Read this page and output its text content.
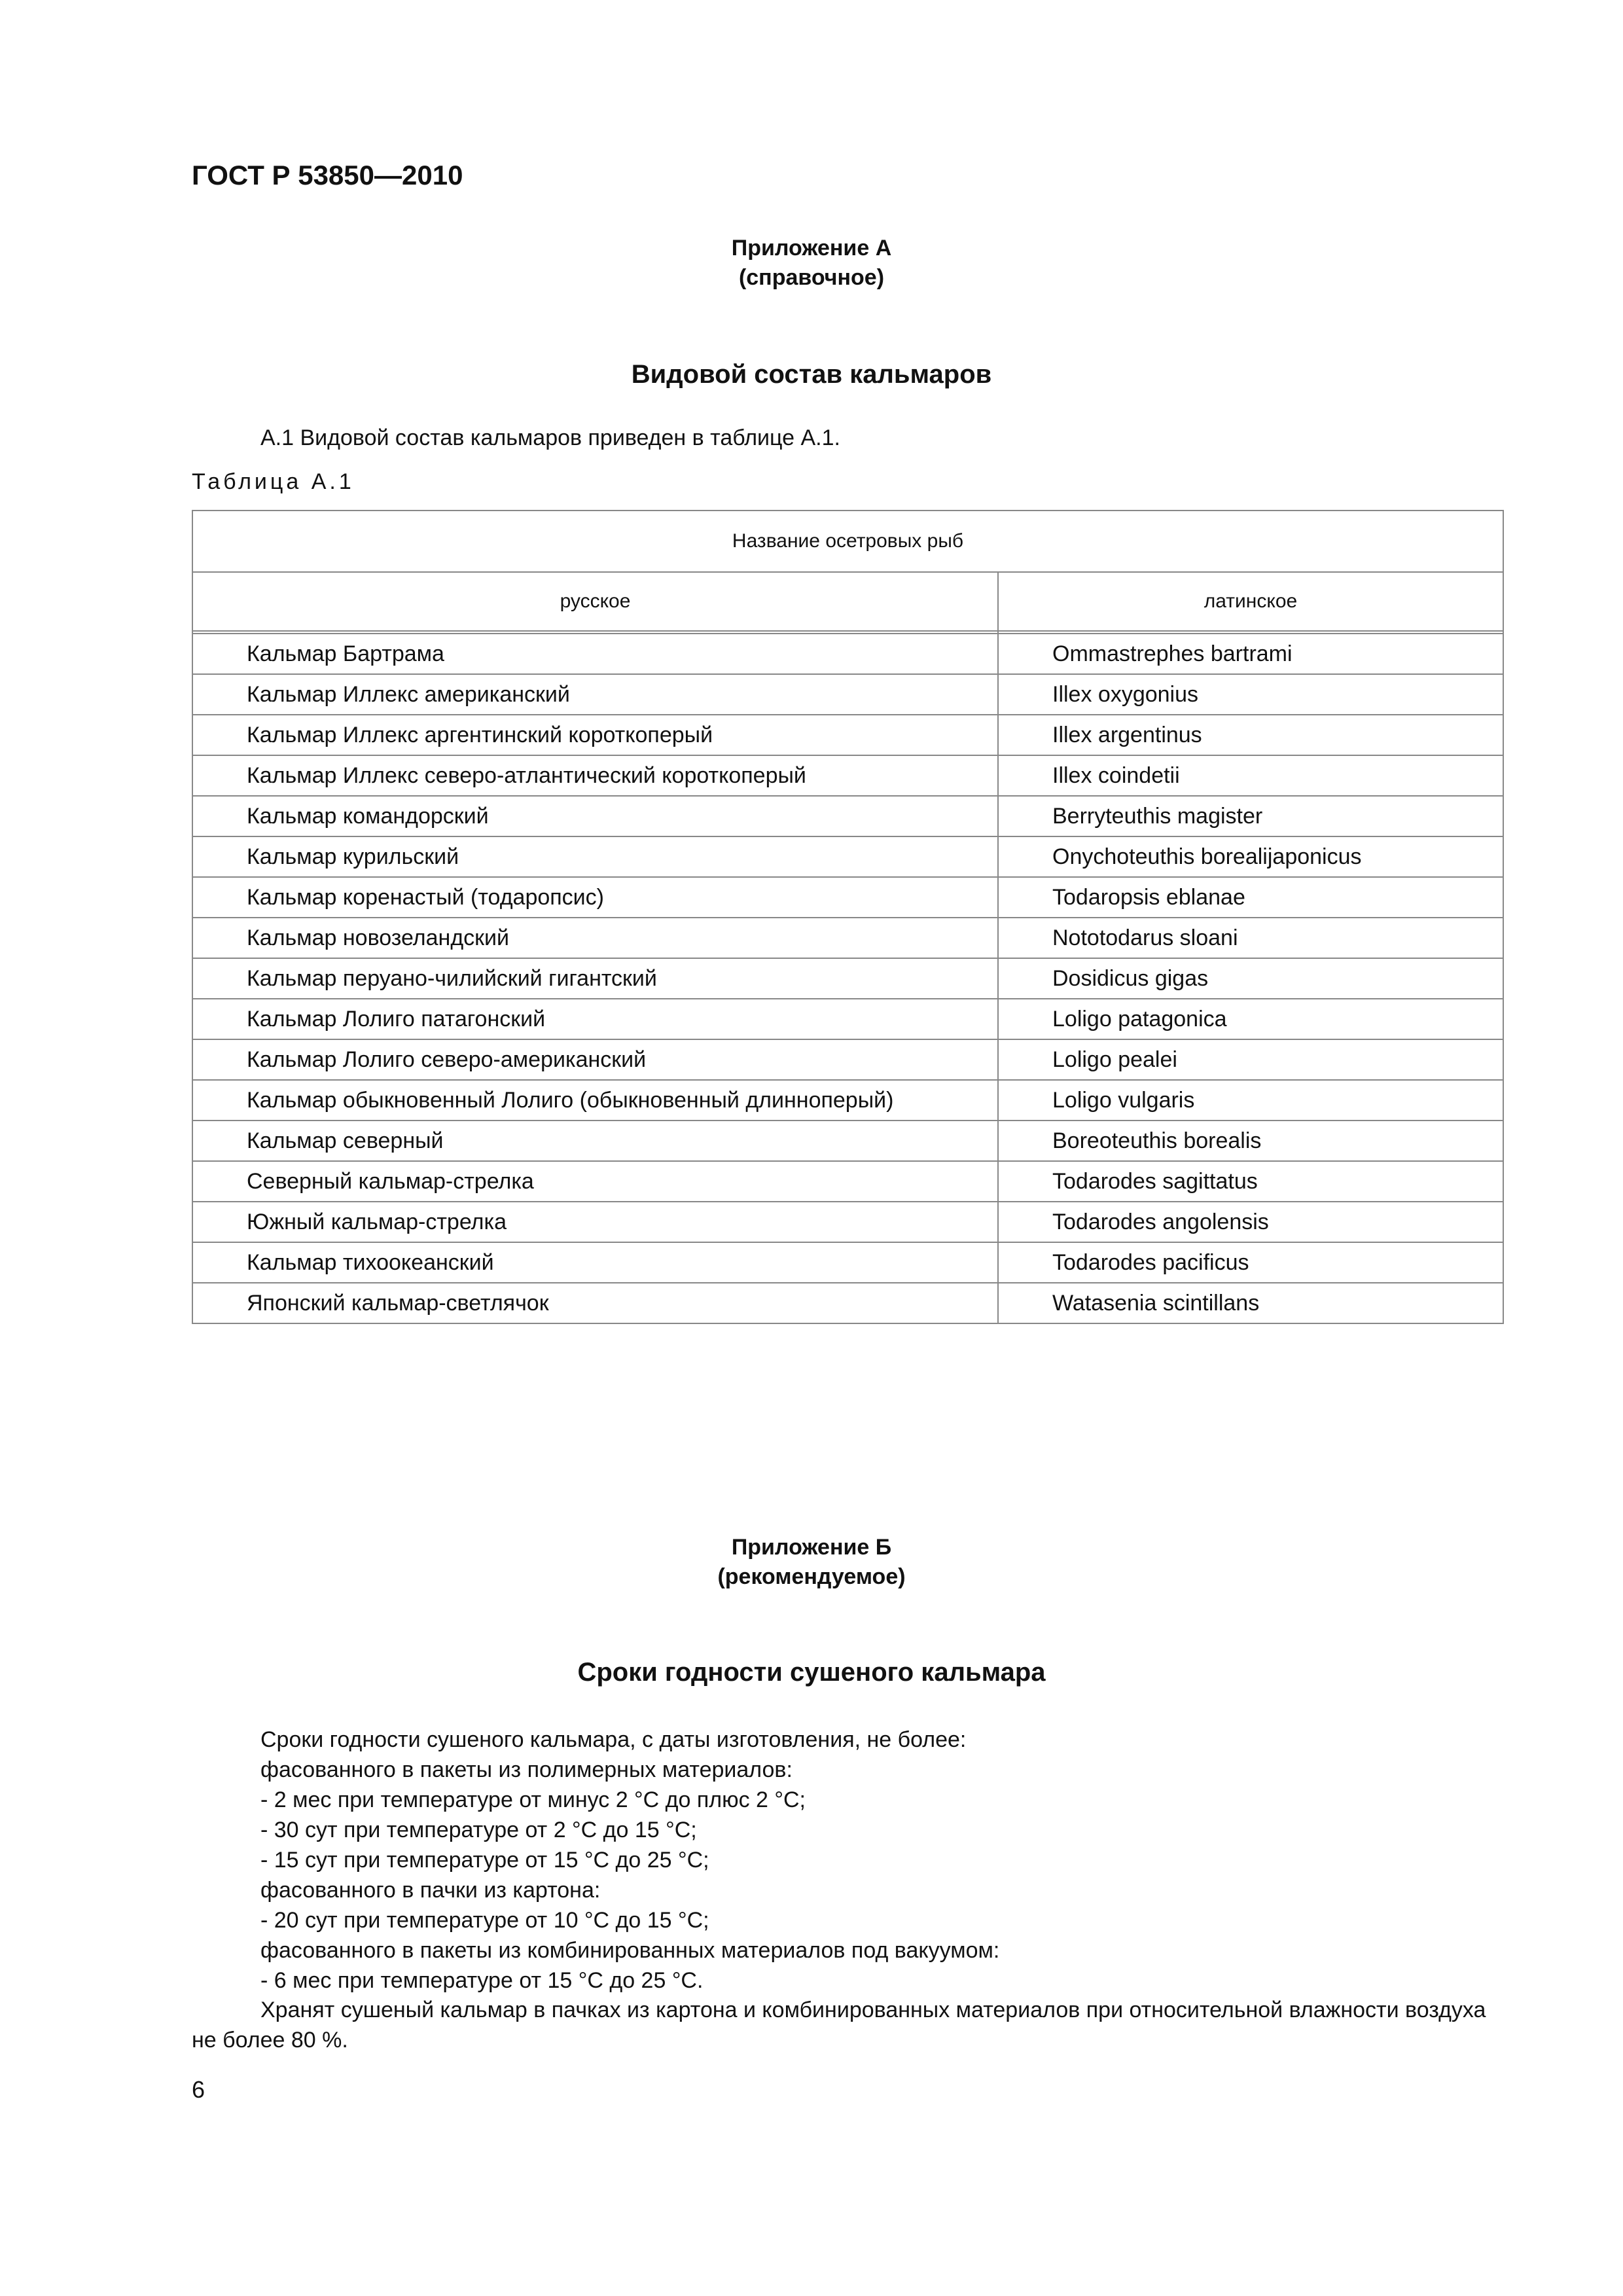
ГОСТ Р 53850—2010
Приложение А
(справочное)
Видовой состав кальмаров
А.1 Видовой состав кальмаров приведен в таблице А.1.
Таблица А.1
Название осетровых рыб	
русское	латинское

Кальмар Бартрама	Ommastrephes bartrami
Кальмар Иллекс американский	Illex oxygonius
Кальмар Иллекс аргентинский короткоперый	Illex argentinus
Кальмар Иллекс северо-атлантический короткоперый	Illex coindetii
Кальмар командорский	Berryteuthis magister
Кальмар курильский	Onychoteuthis borealijaponicus
Кальмар коренастый (тодаропсис)	Todaropsis eblanae
Кальмар новозеландский	Nototodarus sloani
Кальмар перуано-чилийский гигантский	Dosidicus gigas
Кальмар Лолиго патагонский	Loligo patagonica
Кальмар Лолиго северо-американский	Loligo pealei
Кальмар обыкновенный Лолиго (обыкновенный длинноперый)	Loligo vulgaris
Кальмар северный	Boreoteuthis borealis
Северный кальмар-стрелка	Todarodes sagittatus
Южный кальмар-стрелка	Todarodes angolensis
Кальмар тихоокеанский	Todarodes pacificus
Японский кальмар-светлячок	Watasenia scintillans
Приложение Б
(рекомендуемое)
Сроки годности сушеного кальмара
Сроки годности сушеного кальмара, с даты изготовления, не более:
фасованного в пакеты из полимерных материалов:
- 2 мес при температуре от минус 2 °С до плюс 2 °С;
- 30 сут при температуре от 2 °С до 15 °С;
- 15 сут при температуре от 15 °С до 25 °С;
фасованного в пачки из картона:
- 20 сут при температуре от 10 °С до 15 °С;
фасованного в пакеты из комбинированных материалов под вакуумом:
- 6 мес при температуре от 15 °С до 25 °С.
Хранят сушеный кальмар в пачках из картона и комбинированных материалов при относительной влажности воздуха не более 80 %.
6
